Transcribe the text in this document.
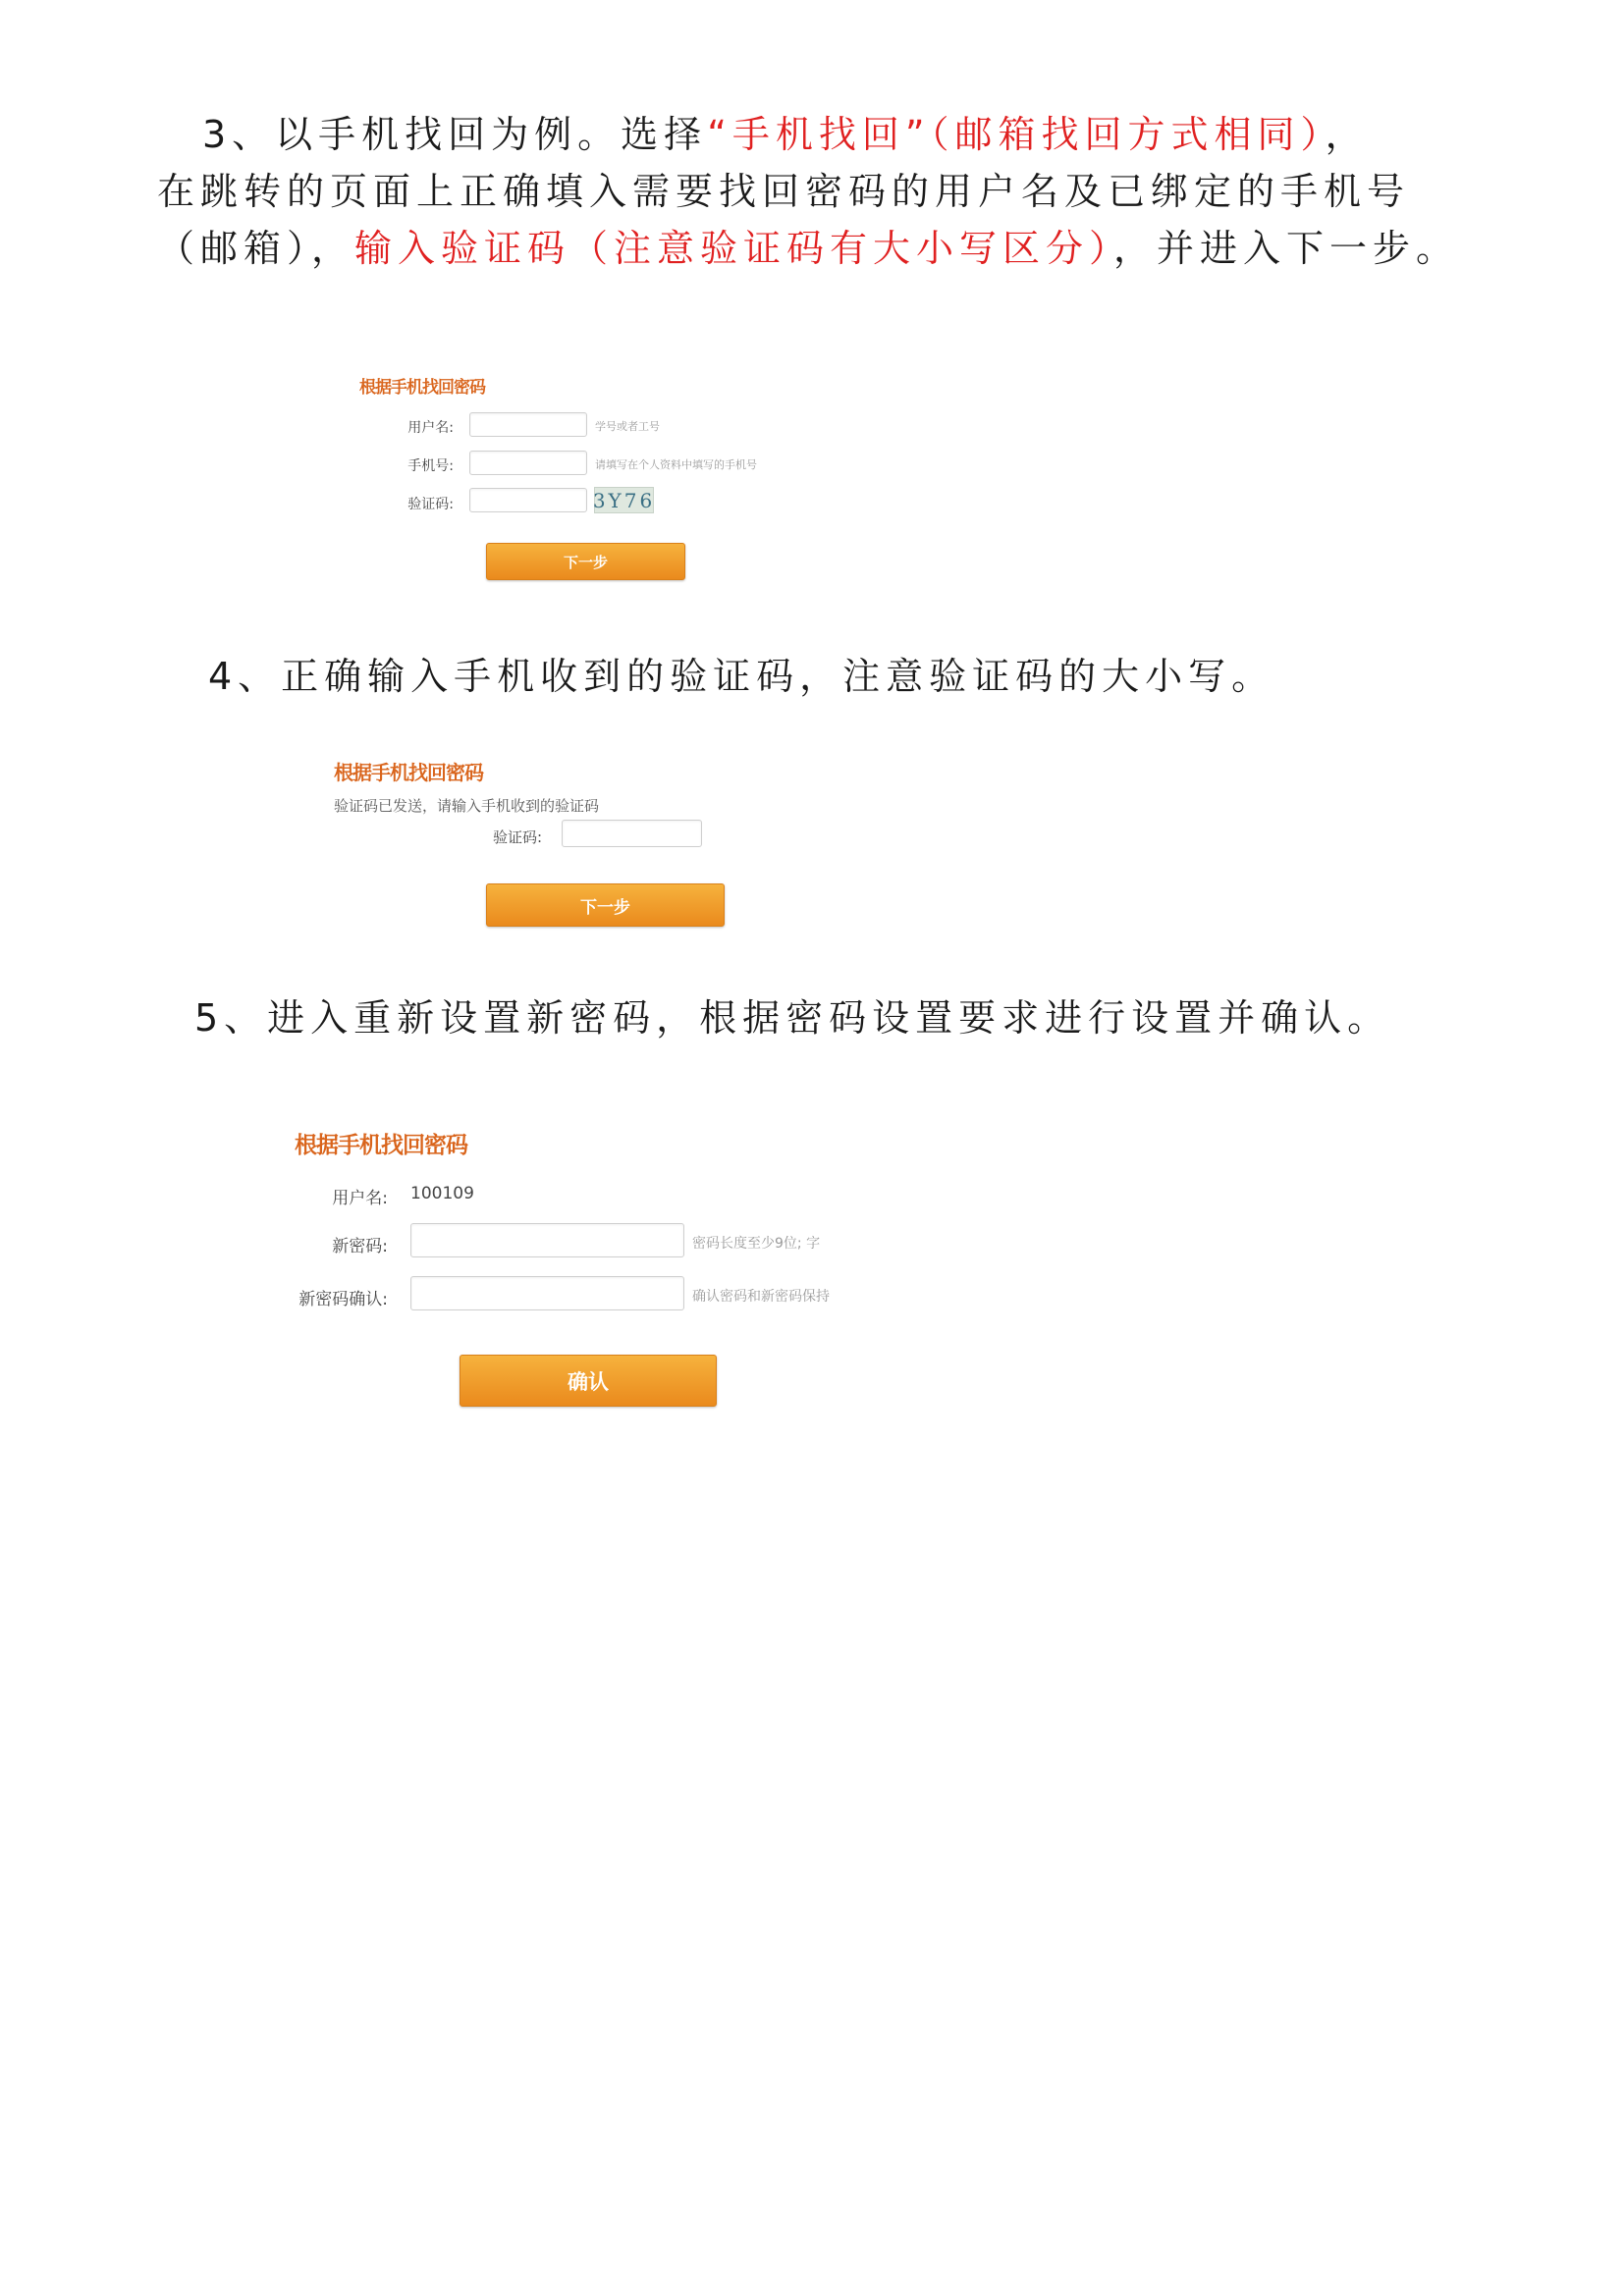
3、以手机找回为例。选择“手机找回”（邮箱找回方式相同），
在跳转的页面上正确填入需要找回密码的用户名及已绑定的手机号
（邮箱），输入验证码（注意验证码有大小写区分），并进入下一步。
根据手机找回密码
用户名:	学号或者工号
手机号:	请填写在个人资料中填写的手机号
验证码:	3Y76
下一步
4、正确输入手机收到的验证码，注意验证码的大小写。
根据手机找回密码
验证码已发送，请输入手机收到的验证码
验证码:
下一步
5、进入重新设置新密码，根据密码设置要求进行设置并确认。
根据手机找回密码
用户名: 100109
新密码:	密码长度至少9位; 字
新密码确认:	确认密码和新密码保持
确认
